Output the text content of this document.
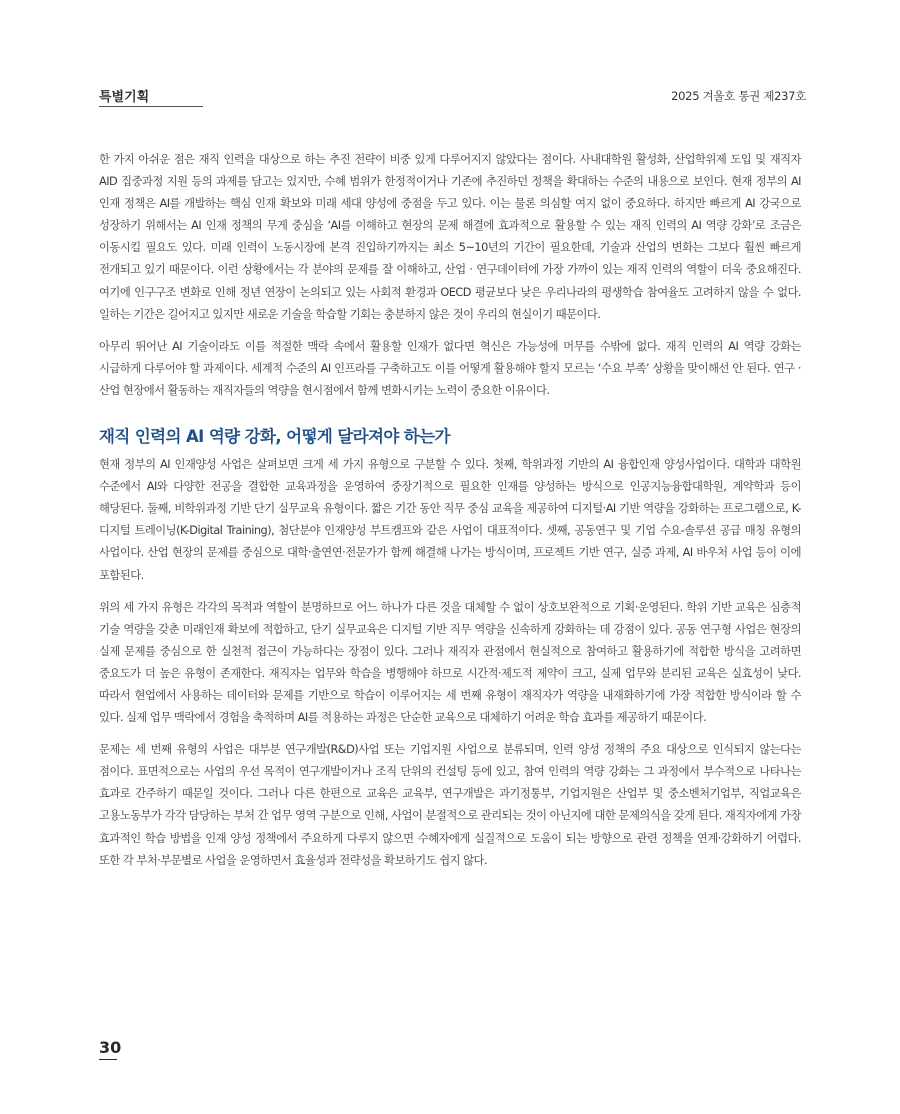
특별기획	2025 겨울호 통권 제237호

한 가지 아쉬운 점은 재직 인력을 대상으로 하는 추진 전략이 비중 있게 다루어지지 않았다는 점이다. 사내대학원 활성화, 산업학위제 도입 및 재직자 AID 집중과정 지원 등의 과제를 담고는 있지만, 수혜 범위가 한정적이거나 기존에 추진하던 정책을 확대하는 수준의 내용으로 보인다. 현재 정부의 AI 인재 정책은 AI를 개발하는 핵심 인재 확보와 미래 세대 양성에 중점을 두고 있다. 이는 물론 의심할 여지 없이 중요하다. 하지만 빠르게 AI 강국으로 성장하기 위해서는 AI 인재 정책의 무게 중심을 ‘AI를 이해하고 현장의 문제 해결에 효과적으로 활용할 수 있는 재직 인력의 AI 역량 강화’로 조금은 이동시킬 필요도 있다. 미래 인력이 노동시장에 본격 진입하기까지는 최소 5~10년의 기간이 필요한데, 기술과 산업의 변화는 그보다 훨씬 빠르게 전개되고 있기 때문이다. 이런 상황에서는 각 분야의 문제를 잘 이해하고, 산업 · 연구데이터에 가장 가까이 있는 재직 인력의 역할이 더욱 중요해진다. 여기에 인구구조 변화로 인해 정년 연장이 논의되고 있는 사회적 환경과 OECD 평균보다 낮은 우리나라의 평생학습 참여율도 고려하지 않을 수 없다. 일하는 기간은 길어지고 있지만 새로운 기술을 학습할 기회는 충분하지 않은 것이 우리의 현실이기 때문이다.

아무리 뛰어난 AI 기술이라도 이를 적절한 맥락 속에서 활용할 인재가 없다면 혁신은 가능성에 머무를 수밖에 없다. 재직 인력의 AI 역량 강화는 시급하게 다루어야 할 과제이다. 세계적 수준의 AI 인프라를 구축하고도 이를 어떻게 활용해야 할지 모르는 ‘수요 부족’ 상황을 맞이해선 안 된다. 연구 · 산업 현장에서 활동하는 재직자들의 역량을 현시점에서 함께 변화시키는 노력이 중요한 이유이다.

재직 인력의 AI 역량 강화, 어떻게 달라져야 하는가

현재 정부의 AI 인재양성 사업은 살펴보면 크게 세 가지 유형으로 구분할 수 있다. 첫째, 학위과정 기반의 AI 융합인재 양성사업이다. 대학과 대학원 수준에서 AI와 다양한 전공을 결합한 교육과정을 운영하여 중장기적으로 필요한 인재를 양성하는 방식으로 인공지능융합대학원, 계약학과 등이 해당된다. 둘째, 비학위과정 기반 단기 실무교육 유형이다. 짧은 기간 동안 직무 중심 교육을 제공하여 디지털·AI 기반 역량을 강화하는 프로그램으로, K-디지털 트레이닝(K-Digital Training), 첨단분야 인재양성 부트캠프와 같은 사업이 대표적이다. 셋째, 공동연구 및 기업 수요-솔루션 공급 매칭 유형의 사업이다. 산업 현장의 문제를 중심으로 대학·출연연·전문가가 함께 해결해 나가는 방식이며, 프로젝트 기반 연구, 실증 과제, AI 바우처 사업 등이 이에 포함된다.

위의 세 가지 유형은 각각의 목적과 역할이 분명하므로 어느 하나가 다른 것을 대체할 수 없이 상호보완적으로 기획·운영된다. 학위 기반 교육은 심층적 기술 역량을 갖춘 미래인재 확보에 적합하고, 단기 실무교육은 디지털 기반 직무 역량을 신속하게 강화하는 데 강점이 있다. 공동 연구형 사업은 현장의 실제 문제를 중심으로 한 실천적 접근이 가능하다는 장점이 있다. 그러나 재직자 관점에서 현실적으로 참여하고 활용하기에 적합한 방식을 고려하면 중요도가 더 높은 유형이 존재한다. 재직자는 업무와 학습을 병행해야 하므로 시간적·제도적 제약이 크고, 실제 업무와 분리된 교육은 실효성이 낮다. 따라서 현업에서 사용하는 데이터와 문제를 기반으로 학습이 이루어지는 세 번째 유형이 재직자가 역량을 내재화하기에 가장 적합한 방식이라 할 수 있다. 실제 업무 맥락에서 경험을 축적하며 AI를 적용하는 과정은 단순한 교육으로 대체하기 어려운 학습 효과를 제공하기 때문이다.

문제는 세 번째 유형의 사업은 대부분 연구개발(R&D)사업 또는 기업지원 사업으로 분류되며, 인력 양성 정책의 주요 대상으로 인식되지 않는다는 점이다. 표면적으로는 사업의 우선 목적이 연구개발이거나 조직 단위의 컨설팅 등에 있고, 참여 인력의 역량 강화는 그 과정에서 부수적으로 나타나는 효과로 간주하기 때문일 것이다. 그러나 다른 한편으로 교육은 교육부, 연구개발은 과기정통부, 기업지원은 산업부 및 중소벤처기업부, 직업교육은 고용노동부가 각각 담당하는 부처 간 업무 영역 구분으로 인해, 사업이 분절적으로 관리되는 것이 아닌지에 대한 문제의식을 갖게 된다. 재직자에게 가장 효과적인 학습 방법을 인재 양성 정책에서 주요하게 다루지 않으면 수혜자에게 실질적으로 도움이 되는 방향으로 관련 정책을 연계·강화하기 어렵다. 또한 각 부처·부문별로 사업을 운영하면서 효율성과 전략성을 확보하기도 쉽지 않다.

30
